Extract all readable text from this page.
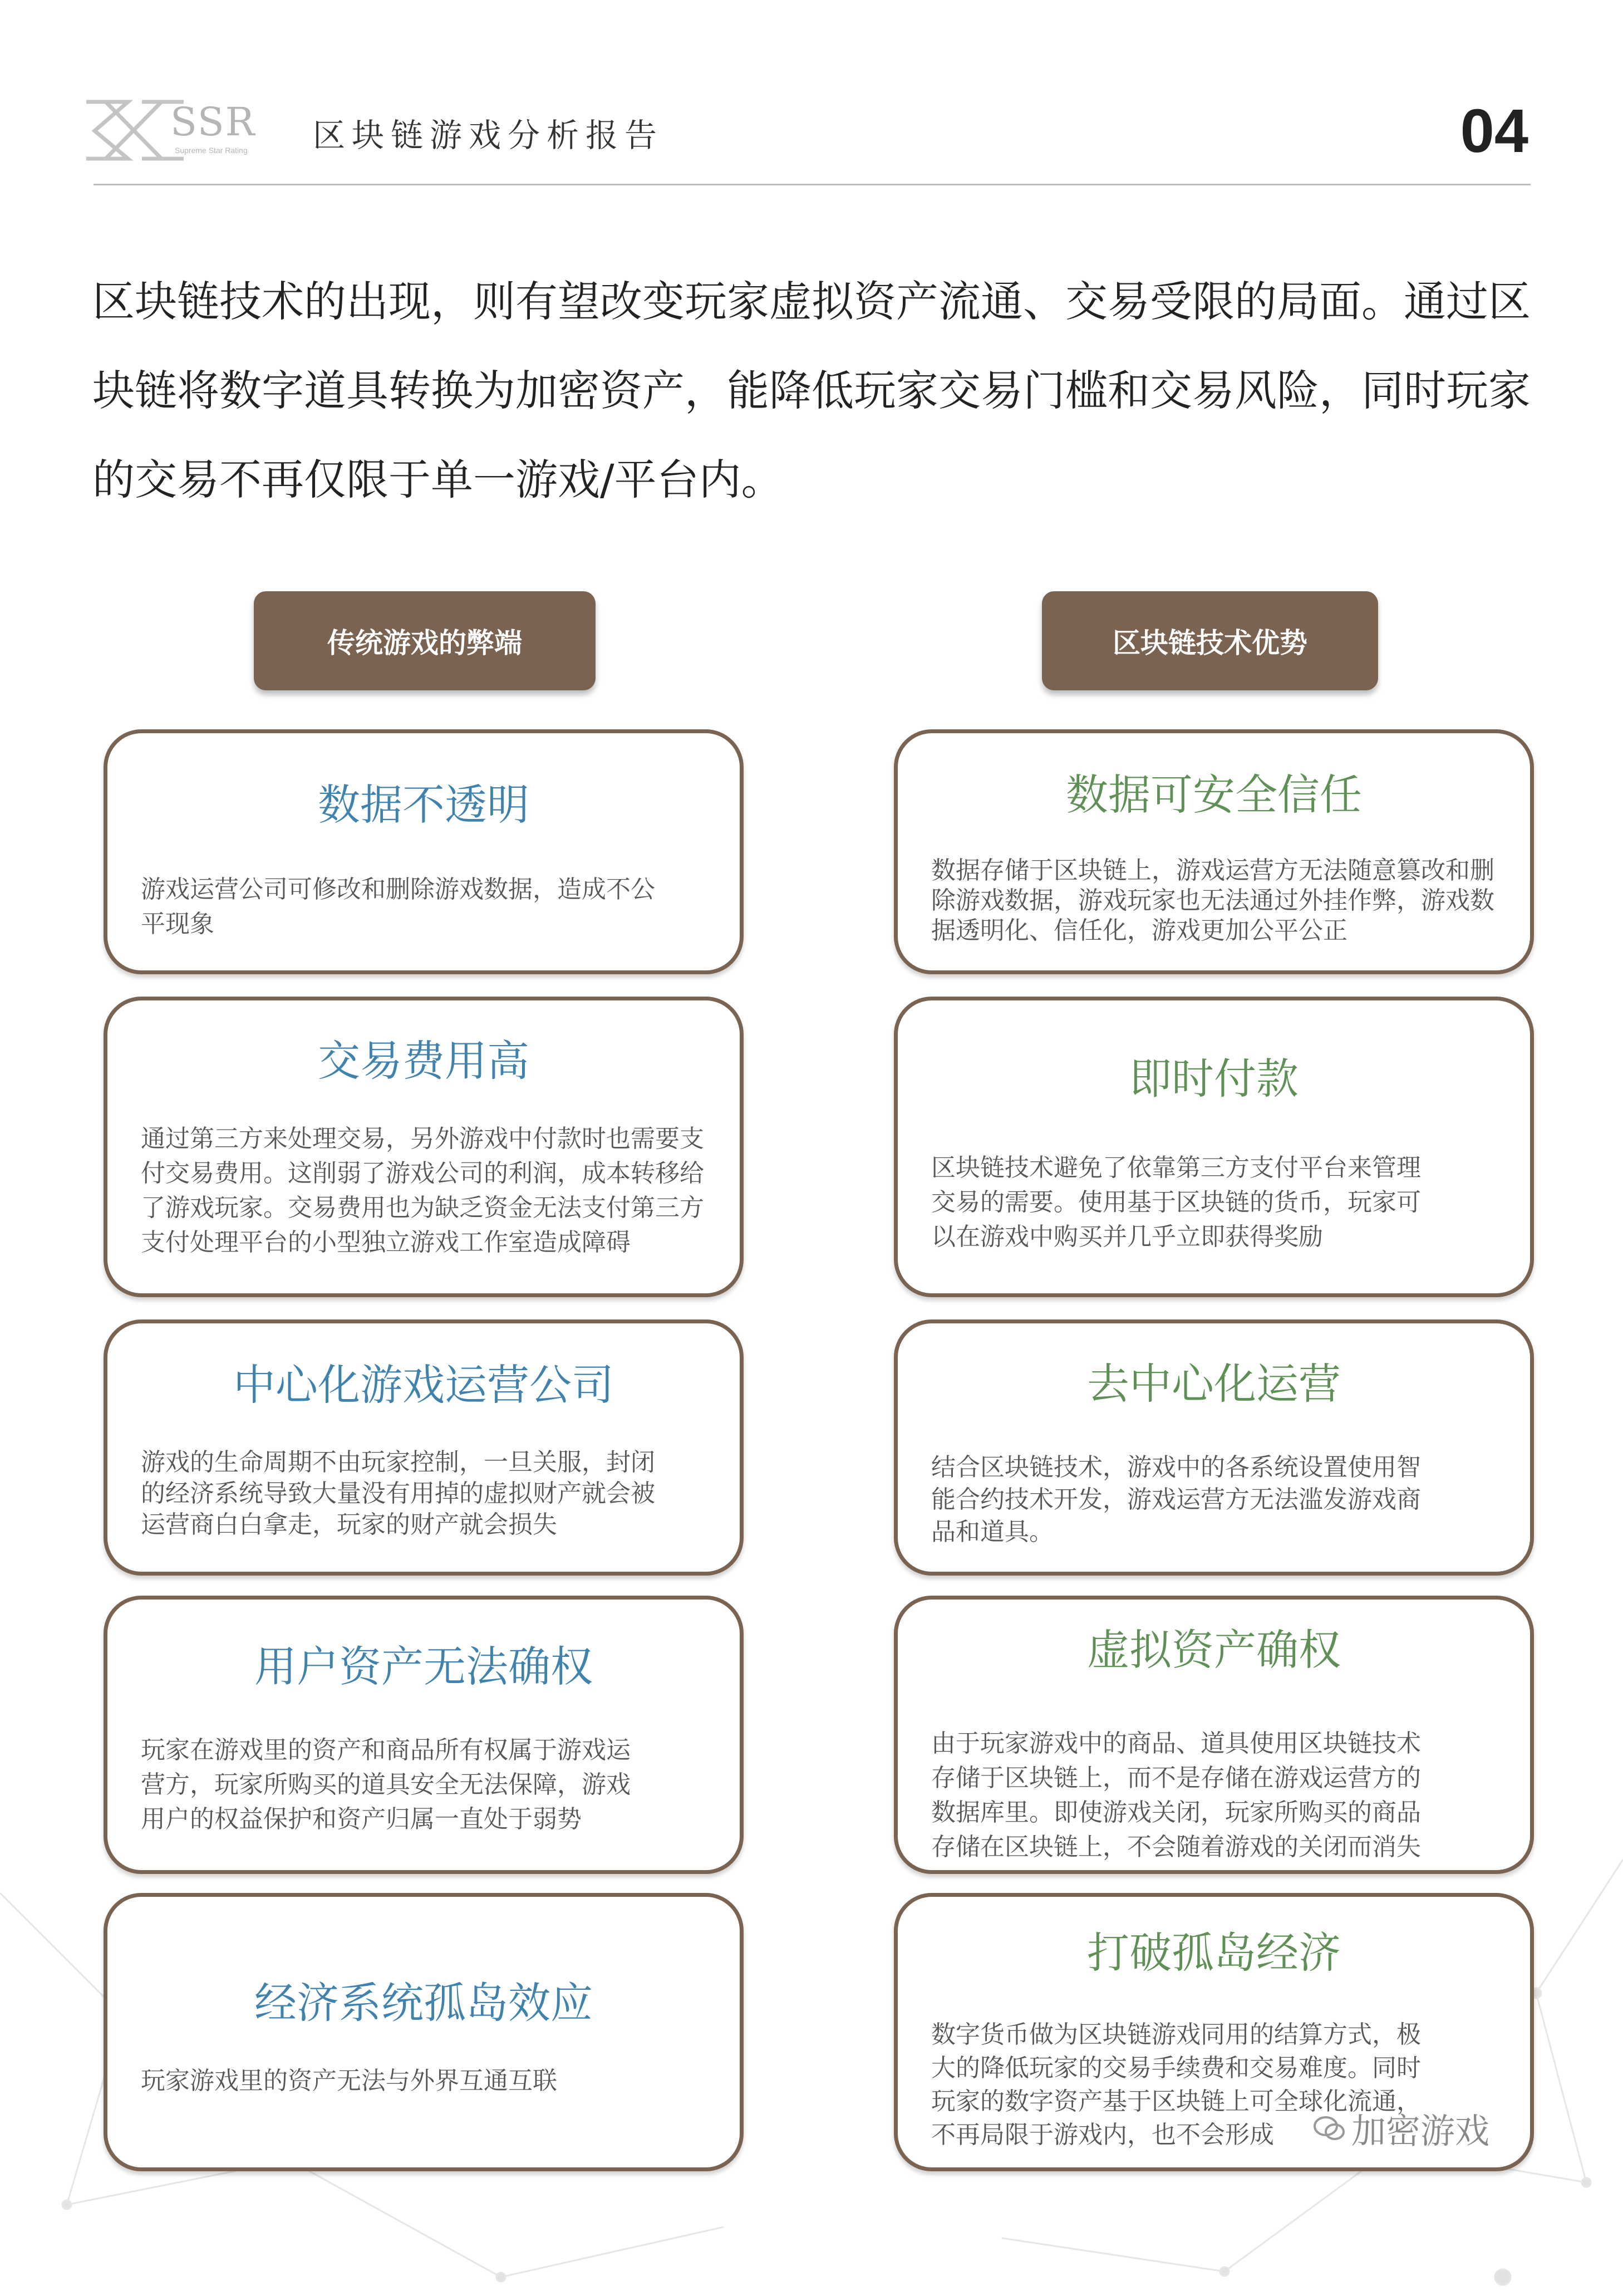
SSR
Supreme Star Rating 区块链游戏分析报告	04

区块链技术的出现，则有望改变玩家虚拟资产流通、交易受限的局面。通过区

块链将数字道具转换为加密资产，能降低玩家交易门槛和交易风险，同时玩家

的交易不再仅限于单一游戏/平台内。

传统游戏的弊端	区块链技术优势
数据不透明
游戏运营公司可修改和删除游戏数据，造成不公
平现象
交易费用高
通过第三方来处理交易，另外游戏中付款时也需要支
付交易费用。这削弱了游戏公司的利润，成本转移给
了游戏玩家。交易费用也为缺乏资金无法支付第三方
支付处理平台的小型独立游戏工作室造成障碍
中心化游戏运营公司
游戏的生命周期不由玩家控制，一旦关服，封闭
的经济系统导致大量没有用掉的虚拟财产就会被
运营商白白拿走，玩家的财产就会损失
用户资产无法确权
玩家在游戏里的资产和商品所有权属于游戏运
营方，玩家所购买的道具安全无法保障，游戏
用户的权益保护和资产归属一直处于弱势
经济系统孤岛效应
玩家游戏里的资产无法与外界互通互联
数据可安全信任
数据存储于区块链上，游戏运营方无法随意篡改和删
除游戏数据，游戏玩家也无法通过外挂作弊，游戏数
据透明化、信任化，游戏更加公平公正
即时付款
区块链技术避免了依靠第三方支付平台来管理
交易的需要。使用基于区块链的货币，玩家可
以在游戏中购买并几乎立即获得奖励
去中心化运营
结合区块链技术，游戏中的各系统设置使用智
能合约技术开发，游戏运营方无法滥发游戏商
品和道具。
虚拟资产确权
由于玩家游戏中的商品、道具使用区块链技术
存储于区块链上，而不是存储在游戏运营方的
数据库里。即使游戏关闭，玩家所购买的商品
存储在区块链上，不会随着游戏的关闭而消失
打破孤岛经济
数字货币做为区块链游戏同用的结算方式，极
大的降低玩家的交易手续费和交易难度。同时
玩家的数字资产基于区块链上可全球化流通，
不再局限于游戏内，也不会形成	加密游戏
